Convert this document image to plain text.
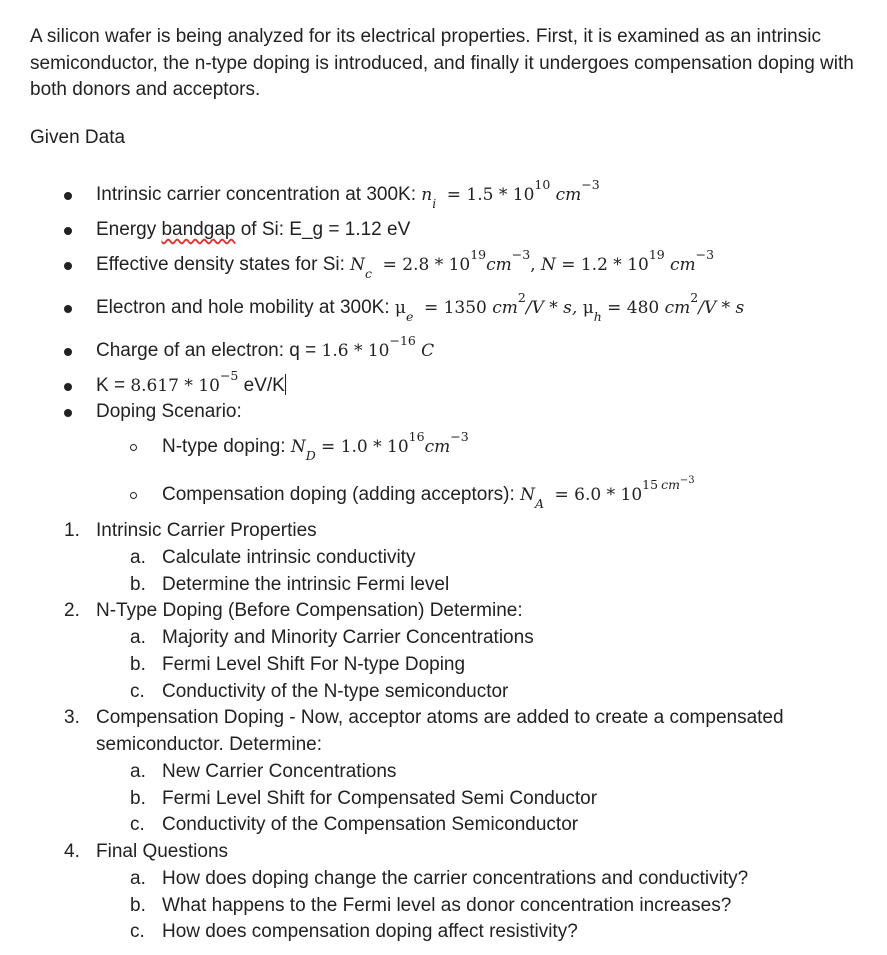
A silicon wafer is being analyzed for its electrical properties. First, it is examined as an intrinsic semiconductor, the n-type doping is introduced, and finally it undergoes compensation doping with both donors and acceptors.
Given Data
Intrinsic carrier concentration at 300K: $n_i = 1.5 * 10^{10}$ $cm^{-3}$
Energy bandgap of Si: E_g = 1.12 eV
Effective density states for Si: $N_c = 2.8 * 10^{19}cm^{-3}$, $N = 1.2 * 10^{19}$ $cm^{-3}$
Electron and hole mobility at 300K: $\mu_e = 1350$ $cm^2/V$ * s, $\mu_h = 480$ $cm^2/V$ * s
Charge of an electron: $q = 1.6 * 10^{-16}$ C
$K = 8.617 * 10^{-5}$ eV/K
Doping Scenario:
N-type doping: $N_D = 1.0 * 10^{16}cm^{-3}$
Compensation doping (adding acceptors): $N_A = 6.0 * 10^{15}$ $^{cm-3}$
1. Intrinsic Carrier Properties
a. Calculate intrinsic conductivity
b. Determine the intrinsic Fermi level
2. N-Type Doping (Before Compensation) Determine:
a. Majority and Minority Carrier Concentrations
b. Fermi Level Shift For N-type Doping
c. Conductivity of the N-type semiconductor
3. Compensation Doping - Now, acceptor atoms are added to create a compensated
semiconductor. Determine:
a. New Carrier Concentrations
b. Fermi Level Shift for Compensated Semi Conductor
c. Conductivity of the Compensation Semiconductor
4. Final Questions
a. How does doping change the carrier concentrations and conductivity?
b. What happens to the Fermi level as donor concentration increases?
c. How does compensation doping affect resistivity?
